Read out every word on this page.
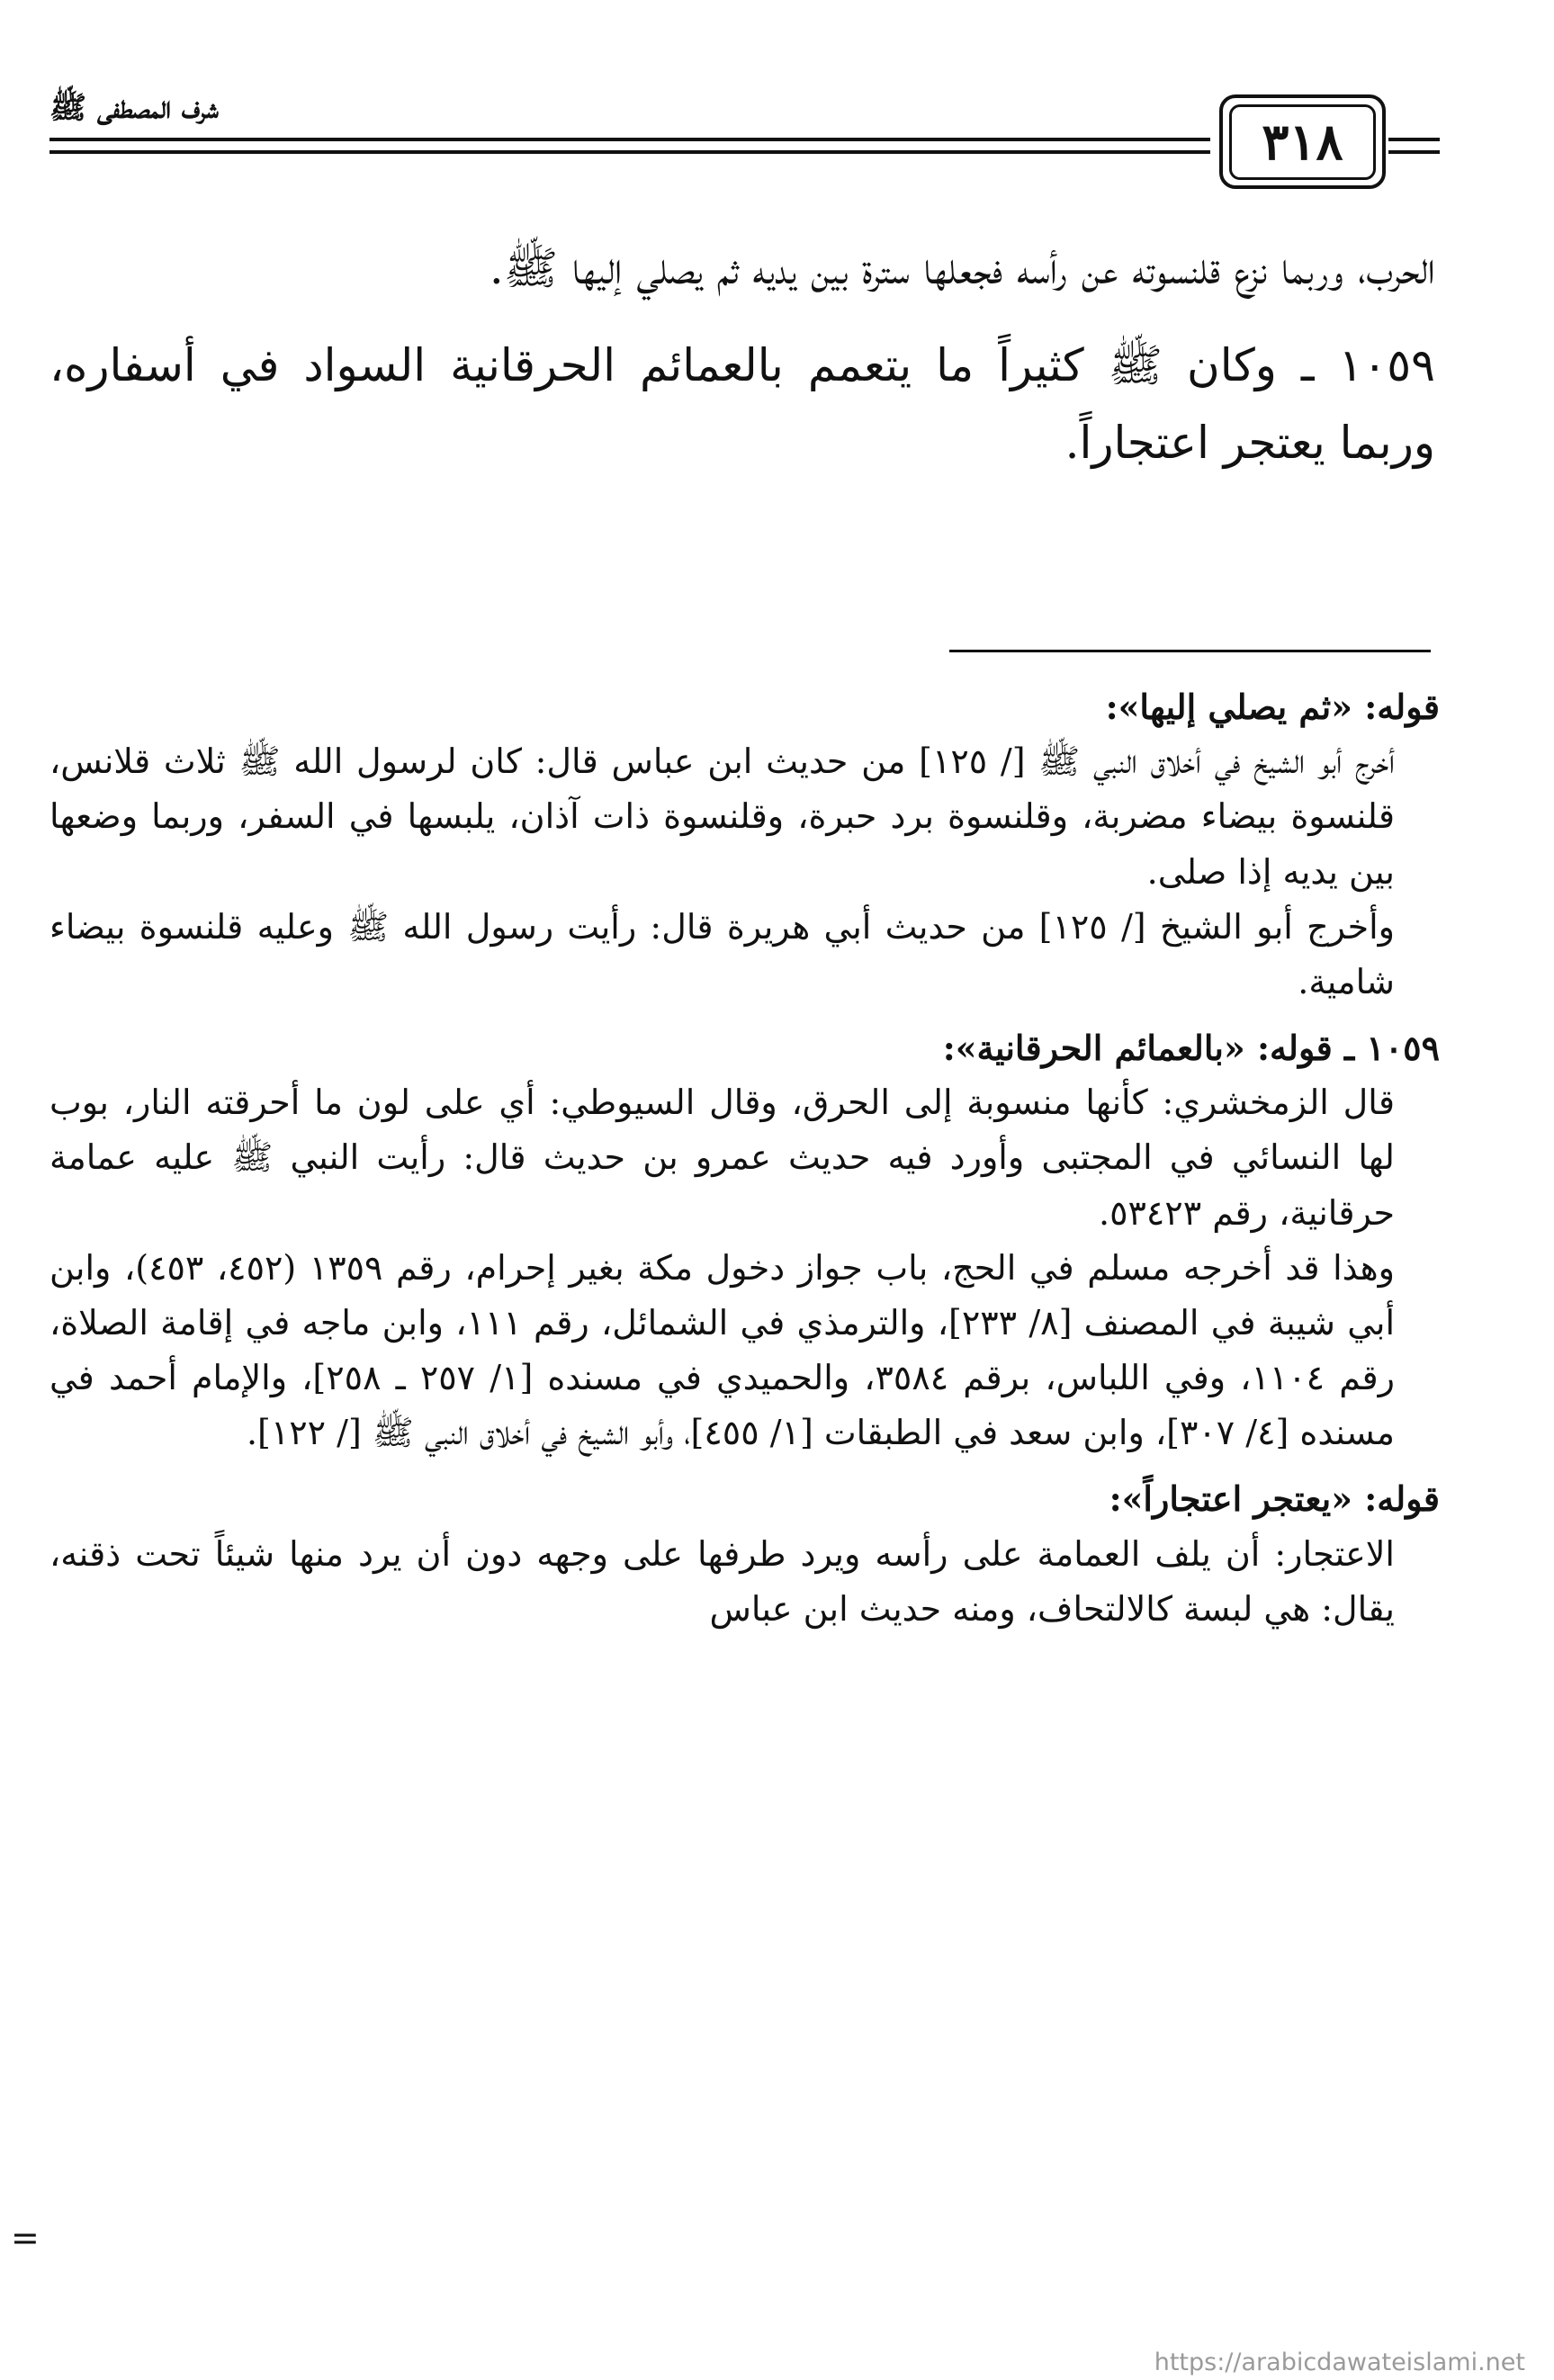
شرف المصطفى ﷺ
٣١٨

الحرب، وربما نزع قلنسوته عن رأسه فجعلها سترة بين يديه ثم يصلي إليها ﷺ.

١٠٥٩ ـ وكان ﷺ كثيراً ما يتعمم بالعمائم الحرقانية السواد في أسفاره، وربما يعتجر اعتجاراً.

قوله: «ثم يصلي إليها»:

أخرج أبو الشيخ في أخلاق النبي ﷺ [/ ١٢٥] من حديث ابن عباس قال: كان لرسول الله ﷺ ثلاث قلانس، قلنسوة بيضاء مضربة، وقلنسوة برد حبرة، وقلنسوة ذات آذان، يلبسها في السفر، وربما وضعها بين يديه إذا صلى.

وأخرج أبو الشيخ [/ ١٢٥] من حديث أبي هريرة قال: رأيت رسول الله ﷺ وعليه قلنسوة بيضاء شامية.

١٠٥٩ ـ قوله: «بالعمائم الحرقانية»:

قال الزمخشري: كأنها منسوبة إلى الحرق، وقال السيوطي: أي على لون ما أحرقته النار، بوب لها النسائي في المجتبى وأورد فيه حديث عمرو بن حديث قال: رأيت النبي ﷺ عليه عمامة حرقانية، رقم ٥٣٤٢٣.

وهذا قد أخرجه مسلم في الحج، باب جواز دخول مكة بغير إحرام، رقم ١٣٥٩ (٤٥٢، ٤٥٣)، وابن أبي شيبة في المصنف [٨/ ٢٣٣]، والترمذي في الشمائل، رقم ١١١، وابن ماجه في إقامة الصلاة، رقم ١١٠٤، وفي اللباس، برقم ٣٥٨٤، والحميدي في مسنده [١/ ٢٥٧ ـ ٢٥٨]، والإمام أحمد في مسنده [٤/ ٣٠٧]، وابن سعد في الطبقات [١/ ٤٥٥]، وأبو الشيخ في أخلاق النبي ﷺ [/ ١٢٢].

قوله: «يعتجر اعتجاراً»:

الاعتجار: أن يلف العمامة على رأسه ويرد طرفها على وجهه دون أن يرد منها شيئاً تحت ذقنه، يقال: هي لبسة كالالتحاف، ومنه حديث ابن عباس

=
https://arabicdawateislami.net
